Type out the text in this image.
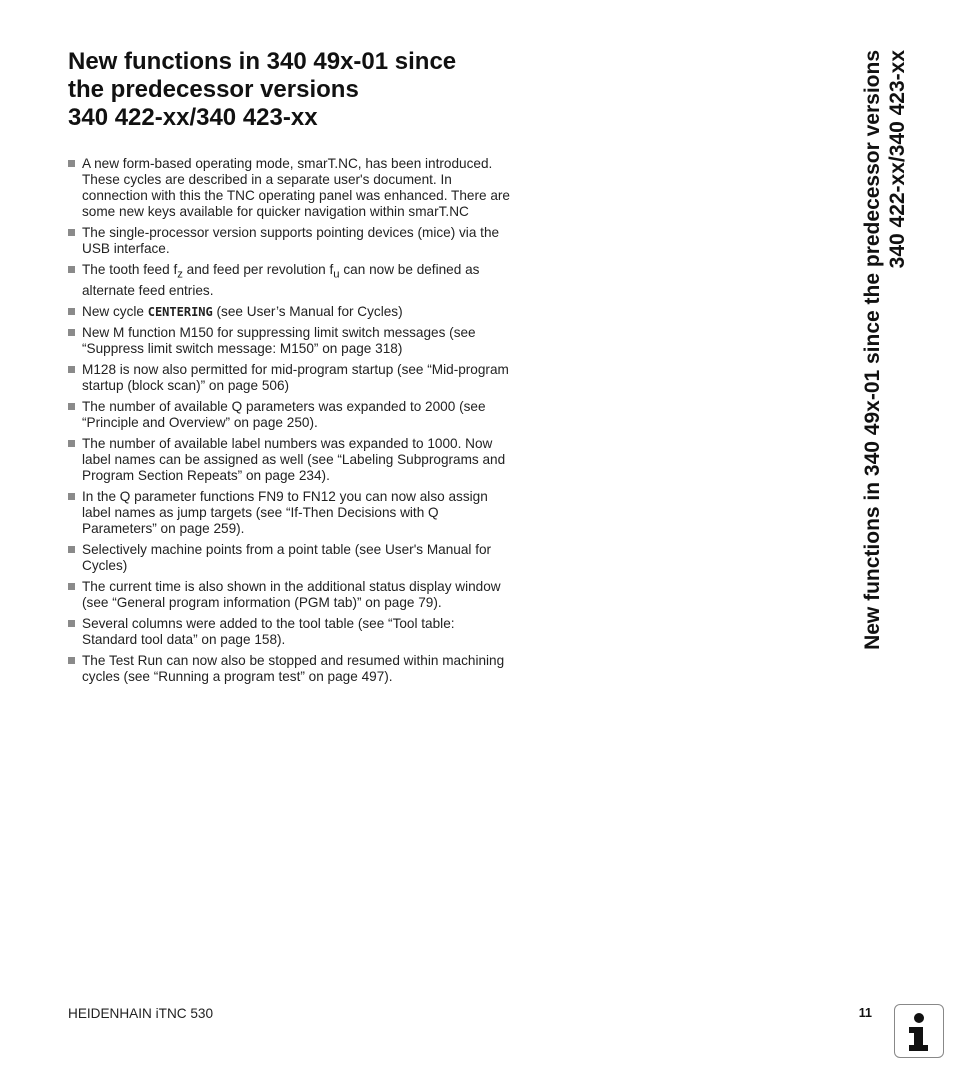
New functions in 340 49x-01 since
the predecessor versions
340 422-xx/340 423-xx
A new form-based operating mode, smarT.NC, has been introduced. These cycles are described in a separate user's document. In connection with this the TNC operating panel was enhanced. There are some new keys available for quicker navigation within smarT.NC
The single-processor version supports pointing devices (mice) via the USB interface.
The tooth feed $f_z$ and feed per revolution $f_u$ can now be defined as alternate feed entries.
New cycle CENTERING (see User’s Manual for Cycles)
New M function M150 for suppressing limit switch messages (see “Suppress limit switch message: M150” on page 318)
M128 is now also permitted for mid-program startup (see “Mid-program startup (block scan)” on page 506)
The number of available Q parameters was expanded to 2000 (see “Principle and Overview” on page 250).
The number of available label numbers was expanded to 1000. Now label names can be assigned as well (see “Labeling Subprograms and Program Section Repeats” on page 234).
In the Q parameter functions FN9 to FN12 you can now also assign label names as jump targets (see “If-Then Decisions with Q Parameters” on page 259).
Selectively machine points from a point table (see User's Manual for Cycles)
The current time is also shown in the additional status display window (see “General program information (PGM tab)” on page 79).
Several columns were added to the tool table (see “Tool table: Standard tool data” on page 158).
The Test Run can now also be stopped and resumed within machining cycles (see “Running a program test” on page 497).
New functions in 340 49x-01 since the predecessor versions 340 422-xx/340 423-xx
HEIDENHAIN iTNC 530	11
